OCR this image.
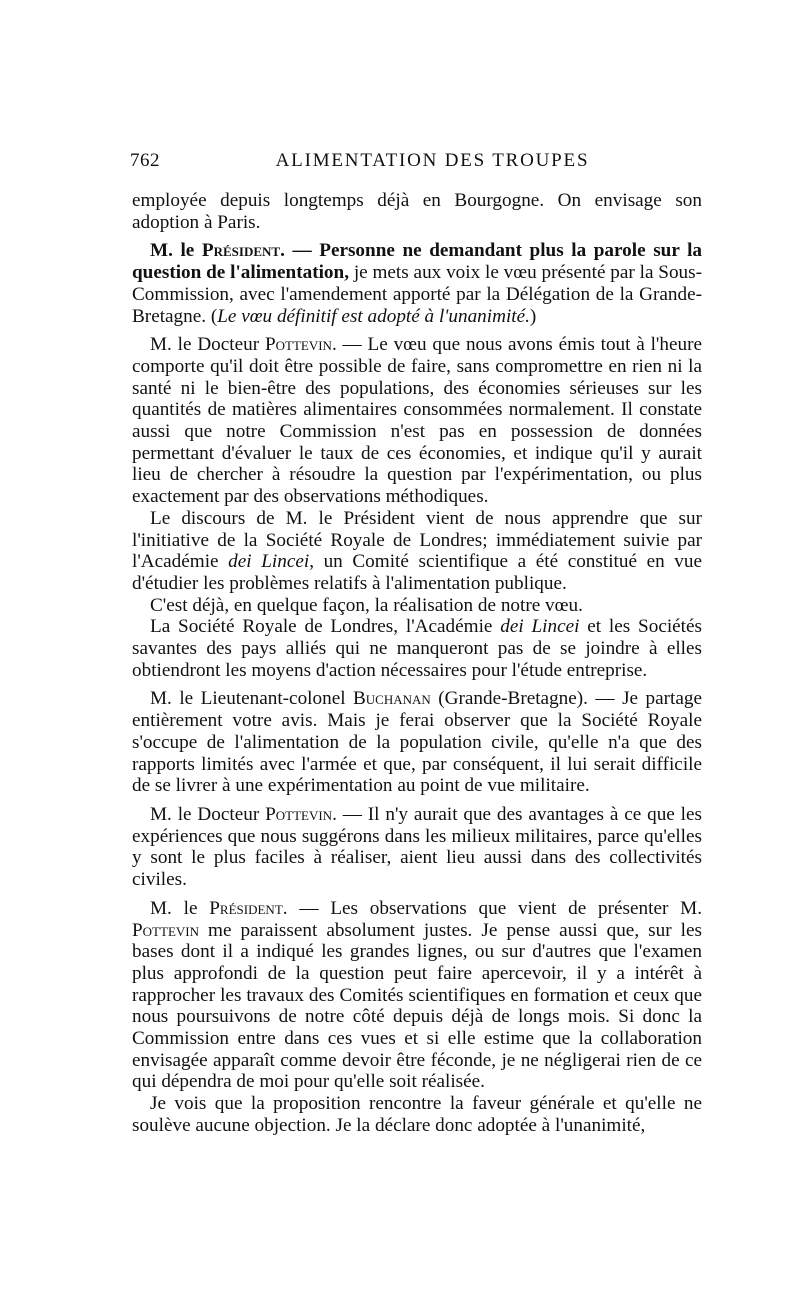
762	ALIMENTATION DES TROUPES

employée depuis longtemps déjà en Bourgogne. On envisage son adoption à Paris.

M. le Président. — Personne ne demandant plus la parole sur la question de l'alimentation, je mets aux voix le vœu présenté par la Sous-Commission, avec l'amendement apporté par la Délégation de la Grande-Bretagne. (Le vœu définitif est adopté à l'unanimité.)

M. le Docteur Pottevin. — Le vœu que nous avons émis tout à l'heure comporte qu'il doit être possible de faire, sans compromettre en rien ni la santé ni le bien-être des populations, des économies sérieuses sur les quantités de matières alimentaires consommées normalement. Il constate aussi que notre Commission n'est pas en possession de données permettant d'évaluer le taux de ces économies, et indique qu'il y aurait lieu de chercher à résoudre la question par l'expérimentation, ou plus exactement par des observations méthodiques.

Le discours de M. le Président vient de nous apprendre que sur l'initiative de la Société Royale de Londres; immédiatement suivie par l'Académie dei Lincei, un Comité scientifique a été constitué en vue d'étudier les problèmes relatifs à l'alimentation publique.

C'est déjà, en quelque façon, la réalisation de notre vœu.

La Société Royale de Londres, l'Académie dei Lincei et les Sociétés savantes des pays alliés qui ne manqueront pas de se joindre à elles obtiendront les moyens d'action nécessaires pour l'étude entreprise.

M. le Lieutenant-colonel Buchanan (Grande-Bretagne). — Je partage entièrement votre avis. Mais je ferai observer que la Société Royale s'occupe de l'alimentation de la population civile, qu'elle n'a que des rapports limités avec l'armée et que, par conséquent, il lui serait difficile de se livrer à une expérimentation au point de vue militaire.

M. le Docteur Pottevin. — Il n'y aurait que des avantages à ce que les expériences que nous suggérons dans les milieux militaires, parce qu'elles y sont le plus faciles à réaliser, aient lieu aussi dans des collectivités civiles.

M. le Président. — Les observations que vient de présenter M. Pottevin me paraissent absolument justes. Je pense aussi que, sur les bases dont il a indiqué les grandes lignes, ou sur d'autres que l'examen plus approfondi de la question peut faire apercevoir, il y a intérêt à rapprocher les travaux des Comités scientifiques en formation et ceux que nous poursuivons de notre côté depuis déjà de longs mois. Si donc la Commission entre dans ces vues et si elle estime que la collaboration envisagée apparaît comme devoir être féconde, je ne négligerai rien de ce qui dépendra de moi pour qu'elle soit réalisée.

Je vois que la proposition rencontre la faveur générale et qu'elle ne soulève aucune objection. Je la déclare donc adoptée à l'unanimité,
